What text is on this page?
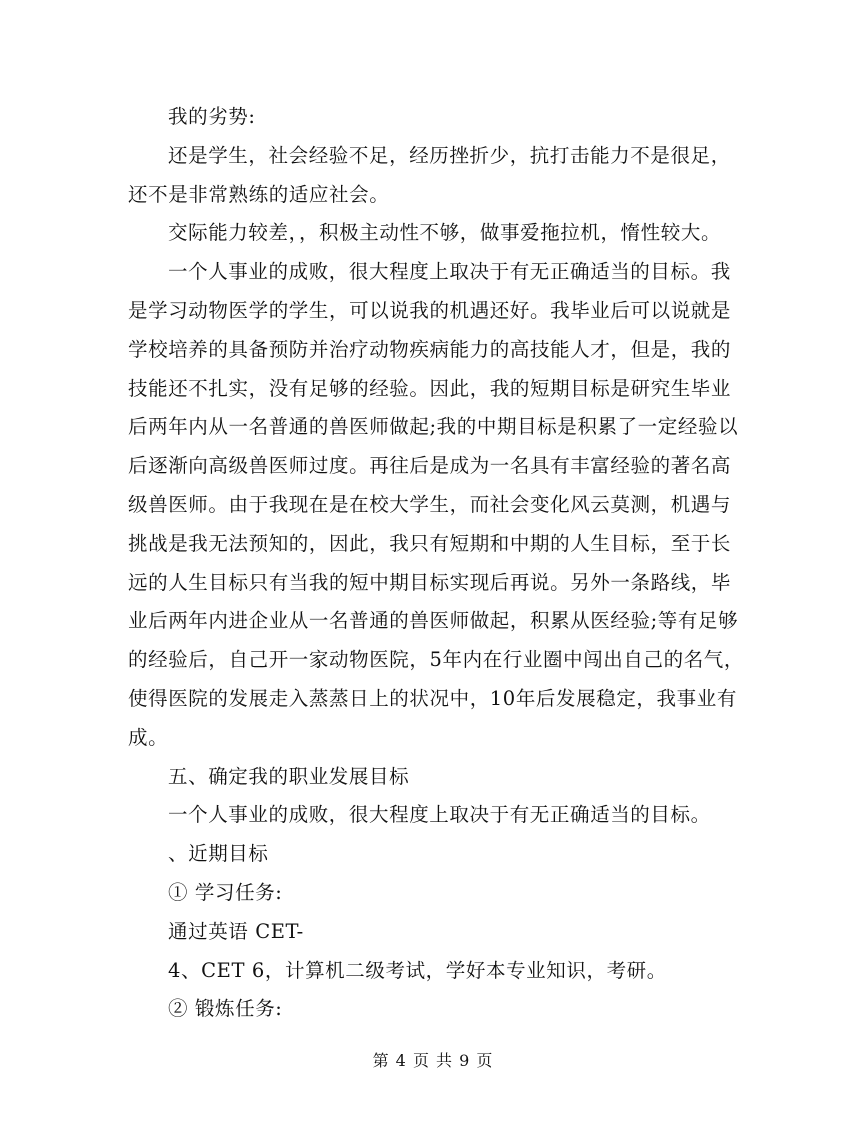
我的劣势:
还是学生，社会经验不足，经历挫折少，抗打击能力不是很足，
还不是非常熟练的适应社会。
交际能力较差，，积极主动性不够，做事爱拖拉机，惰性较大。
一个人事业的成败，很大程度上取决于有无正确适当的目标。我
是学习动物医学的学生，可以说我的机遇还好。我毕业后可以说就是
学校培养的具备预防并治疗动物疾病能力的高技能人才，但是，我的
技能还不扎实，没有足够的经验。因此，我的短期目标是研究生毕业
后两年内从一名普通的兽医师做起;我的中期目标是积累了一定经验以
后逐渐向高级兽医师过度。再往后是成为一名具有丰富经验的著名高
级兽医师。由于我现在是在校大学生，而社会变化风云莫测，机遇与
挑战是我无法预知的，因此，我只有短期和中期的人生目标，至于长
远的人生目标只有当我的短中期目标实现后再说。另外一条路线，毕
业后两年内进企业从一名普通的兽医师做起，积累从医经验;等有足够
的经验后，自己开一家动物医院，5年内在行业圈中闯出自己的名气，
使得医院的发展走入蒸蒸日上的状况中，10年后发展稳定，我事业有
成。
五、确定我的职业发展目标
一个人事业的成败，很大程度上取决于有无正确适当的目标。
、近期目标
① 学习任务:
通过英语 CET-
4、CET 6，计算机二级考试，学好本专业知识，考研。
② 锻炼任务:
第 4 页 共 9 页
